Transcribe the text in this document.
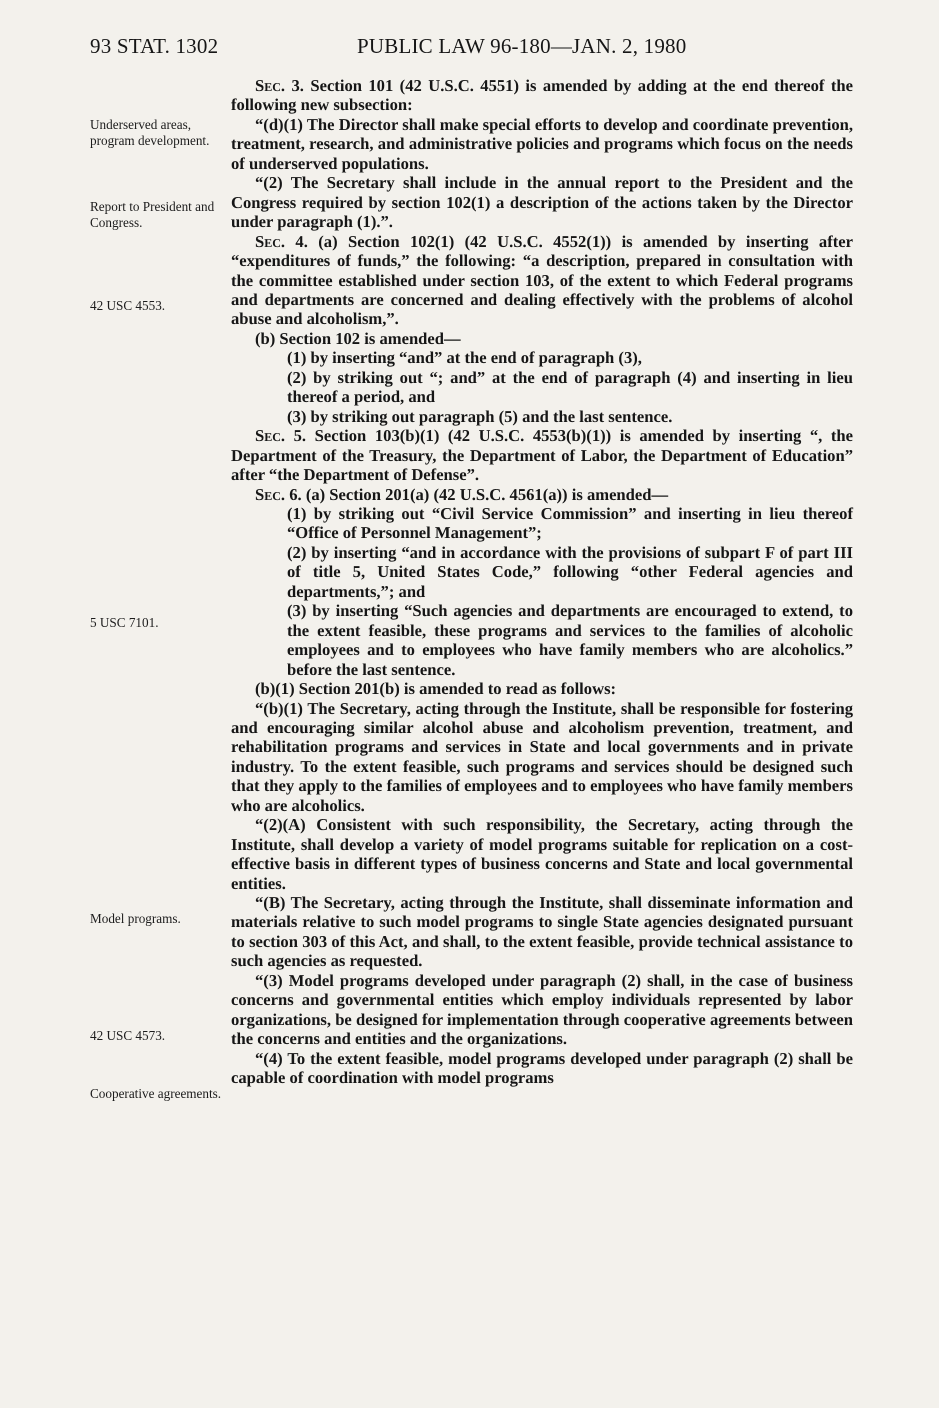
93 STAT. 1302	PUBLIC LAW 96-180—JAN. 2, 1980
Underserved areas, program development.
Report to President and Congress.
42 USC 4553.
5 USC 7101.
Model programs.
42 USC 4573.
Cooperative agreements.

Sec. 3. Section 101 (42 U.S.C. 4551) is amended by adding at the end thereof the following new subsection:

“(d)(1) The Director shall make special efforts to develop and coordinate prevention, treatment, research, and administrative policies and programs which focus on the needs of underserved populations.

“(2) The Secretary shall include in the annual report to the President and the Congress required by section 102(1) a description of the actions taken by the Director under paragraph (1).”.

Sec. 4. (a) Section 102(1) (42 U.S.C. 4552(1)) is amended by inserting after “expenditures of funds,” the following: “a description, prepared in consultation with the committee established under section 103, of the extent to which Federal programs and departments are concerned and dealing effectively with the problems of alcohol abuse and alcoholism,”.

(b) Section 102 is amended—

(1) by inserting “and” at the end of paragraph (3),

(2) by striking out “; and” at the end of paragraph (4) and inserting in lieu thereof a period, and

(3) by striking out paragraph (5) and the last sentence.

Sec. 5. Section 103(b)(1) (42 U.S.C. 4553(b)(1)) is amended by inserting “, the Department of the Treasury, the Department of Labor, the Department of Education” after “the Department of Defense”.

Sec. 6. (a) Section 201(a) (42 U.S.C. 4561(a)) is amended—

(1) by striking out “Civil Service Commission” and inserting in lieu thereof “Office of Personnel Management”;

(2) by inserting “and in accordance with the provisions of subpart F of part III of title 5, United States Code,” following “other Federal agencies and departments,”; and

(3) by inserting “Such agencies and departments are encouraged to extend, to the extent feasible, these programs and services to the families of alcoholic employees and to employees who have family members who are alcoholics.” before the last sentence.

(b)(1) Section 201(b) is amended to read as follows:

“(b)(1) The Secretary, acting through the Institute, shall be responsible for fostering and encouraging similar alcohol abuse and alcoholism prevention, treatment, and rehabilitation programs and services in State and local governments and in private industry. To the extent feasible, such programs and services should be designed such that they apply to the families of employees and to employees who have family members who are alcoholics.

“(2)(A) Consistent with such responsibility, the Secretary, acting through the Institute, shall develop a variety of model programs suitable for replication on a cost-effective basis in different types of business concerns and State and local governmental entities.

“(B) The Secretary, acting through the Institute, shall disseminate information and materials relative to such model programs to single State agencies designated pursuant to section 303 of this Act, and shall, to the extent feasible, provide technical assistance to such agencies as requested.

“(3) Model programs developed under paragraph (2) shall, in the case of business concerns and governmental entities which employ individuals represented by labor organizations, be designed for implementation through cooperative agreements between the concerns and entities and the organizations.

“(4) To the extent feasible, model programs developed under paragraph (2) shall be capable of coordination with model programs
